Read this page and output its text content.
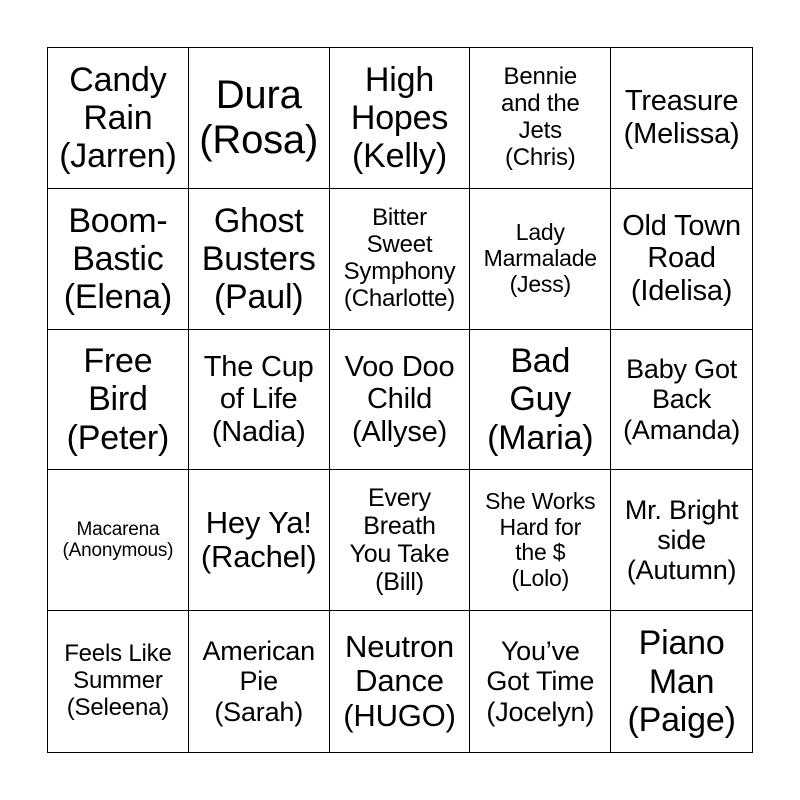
Candy
Rain
(Jarren)
Dura
(Rosa)
High
Hopes
(Kelly)
Bennie
and the
Jets
(Chris)
Treasure
(Melissa)
Boom-
Bastic
(Elena)
Ghost
Busters
(Paul)
Bitter
Sweet
Symphony
(Charlotte)
Lady
Marmalade
(Jess)
Old Town
Road
(Idelisa)
Free
Bird
(Peter)
The Cup
of Life
(Nadia)
Voo Doo
Child
(Allyse)
Bad
Guy
(Maria)
Baby Got
Back
(Amanda)
Macarena
(Anonymous)
Hey Ya!
(Rachel)
Every
Breath
You Take
(Bill)
She Works
Hard for
the $
(Lolo)
Mr. Bright
side
(Autumn)
Feels Like
Summer
(Seleena)
American
Pie
(Sarah)
Neutron
Dance
(HUGO)
You’ve
Got Time
(Jocelyn)
Piano
Man
(Paige)
